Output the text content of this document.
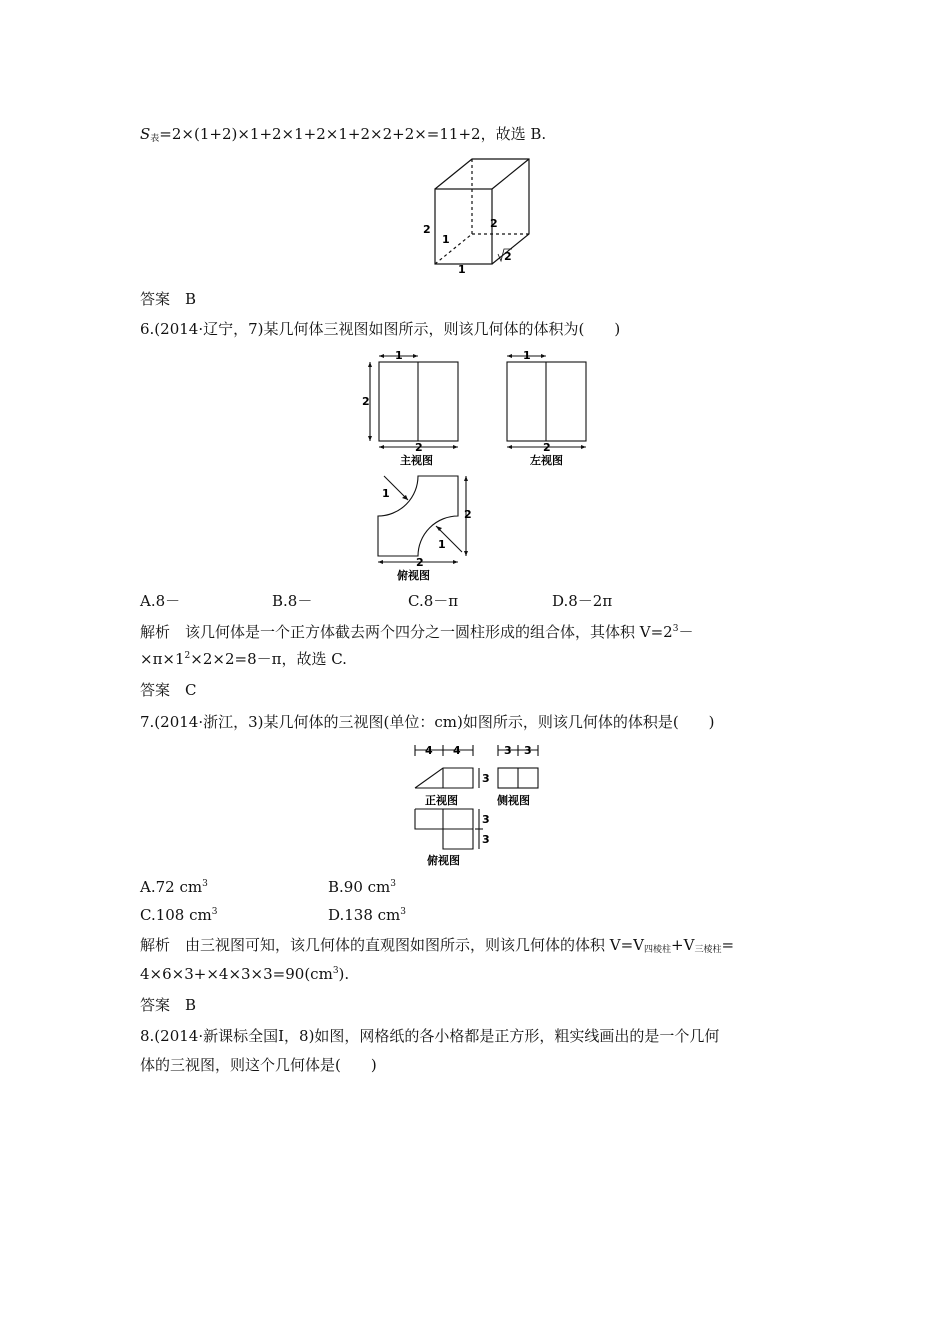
$S_表=2\times(1+2)\times 1+2\times 1+2\times 1+2\times 2+2\times=11+2$，故选 B.
2
1
2
1
2
答案　B
6.(2014·辽宁，7)某几何体三视图如图所示，则该几何体的体积为(　　)
1
2
2
主视图
1
2
左视图
1
2
1
2
俯视图
A.8－	B.8－	C.8－π	D.8－2π
解析　该几何体是一个正方体截去两个四分之一圆柱形成的组合体，其体积 $V=2^3-$
$\times\pi\times 1^2\times 2\times 2=8-\pi$，故选 C.
答案　C
7.(2014·浙江，3)某几何体的三视图(单位：cm)如图所示，则该几何体的体积是(　　)
4 4
3
正视图
3 3
侧视图
3
3
俯视图
A.72 $cm^3$	B.90 $cm^3$
C.108 $cm^3$	D.138 $cm^3$
解析　由三视图可知，该几何体的直观图如图所示，则该几何体的体积 $V=V_{四棱柱}+V_{三棱柱}=$
$4\times 6\times 3+\times 4\times 3\times 3=90(cm^3)$.
答案　B
8.(2014·新课标全国Ⅰ，8)如图，网格纸的各小格都是正方形，粗实线画出的是一个几何
体的三视图，则这个几何体是(　　)
